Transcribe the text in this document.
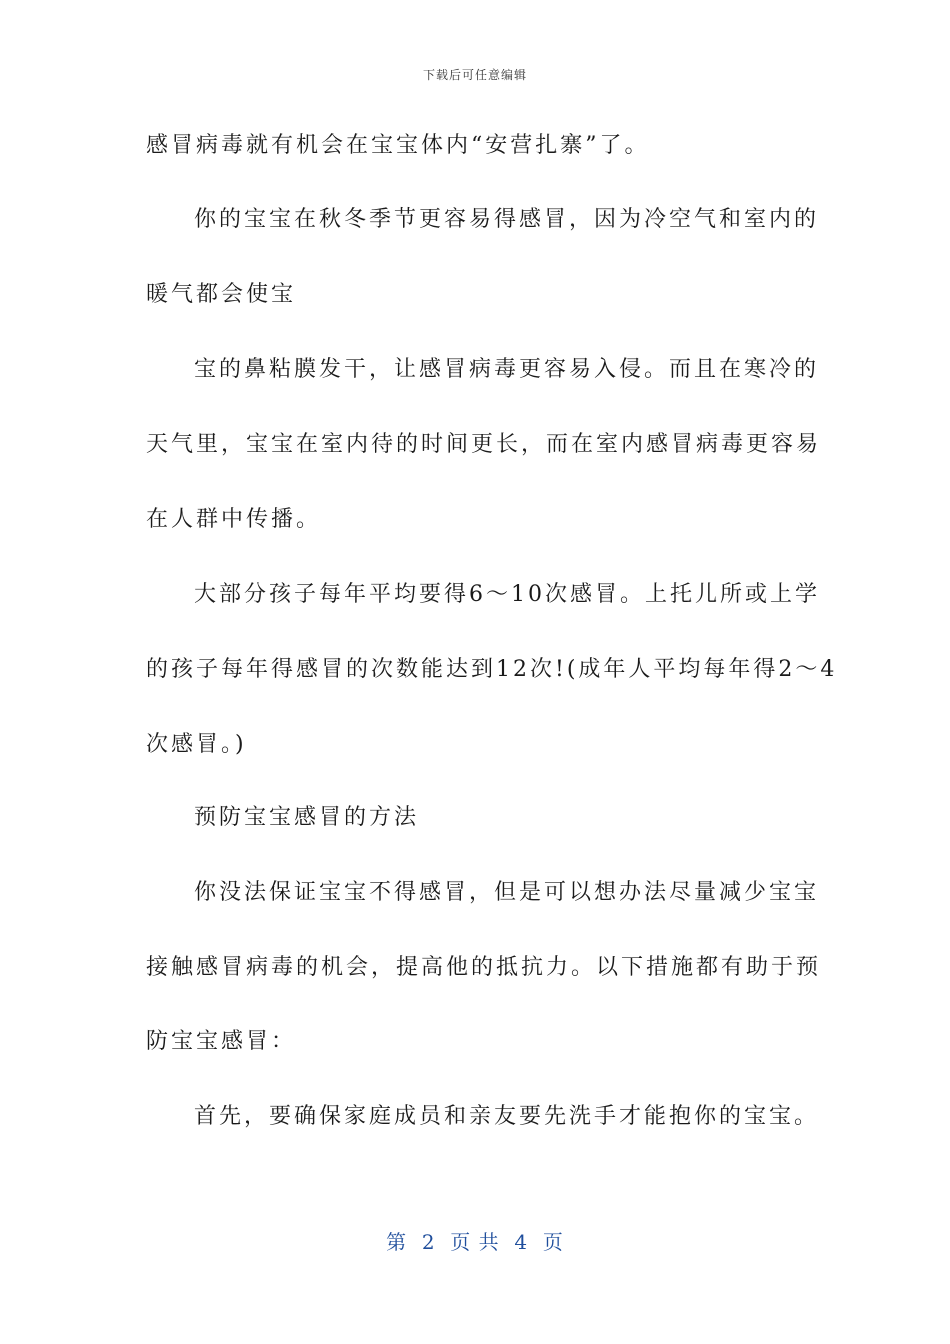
下载后可任意编辑
感冒病毒就有机会在宝宝体内“安营扎寨”了。
你的宝宝在秋冬季节更容易得感冒，因为冷空气和室内的
暖气都会使宝
宝的鼻粘膜发干，让感冒病毒更容易入侵。而且在寒冷的
天气里，宝宝在室内待的时间更长，而在室内感冒病毒更容易
在人群中传播。
大部分孩子每年平均要得6～10次感冒。上托儿所或上学
的孩子每年得感冒的次数能达到12次!(成年人平均每年得2～4
次感冒。)
预防宝宝感冒的方法
你没法保证宝宝不得感冒，但是可以想办法尽量减少宝宝
接触感冒病毒的机会，提高他的抵抗力。以下措施都有助于预
防宝宝感冒：
首先，要确保家庭成员和亲友要先洗手才能抱你的宝宝。
第  2  页 共  4  页
